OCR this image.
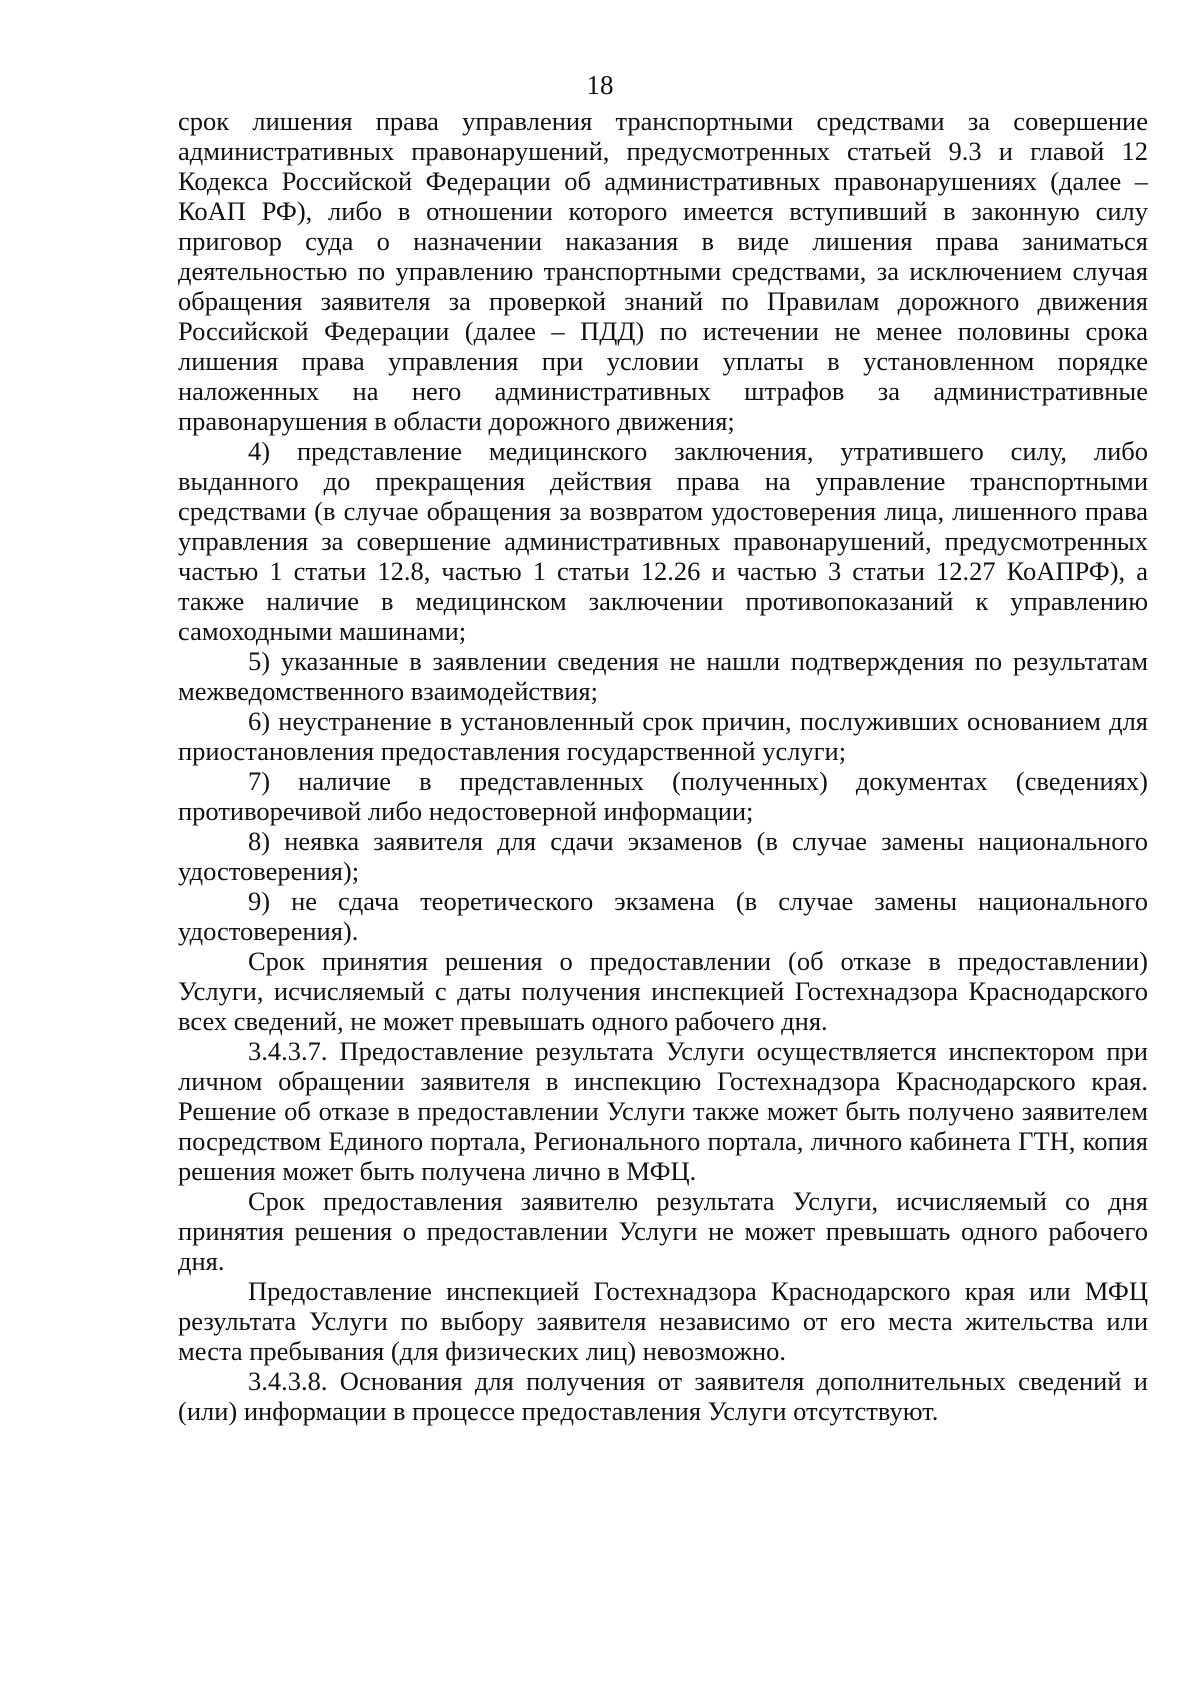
18

срок лишения права управления транспортными средствами за совершение административных правонарушений, предусмотренных статьей 9.3 и главой 12 Кодекса Российской Федерации об административных правонарушениях (далее – КоАП РФ), либо в отношении которого имеется вступивший в законную силу приговор суда о назначении наказания в виде лишения права заниматься деятельностью по управлению транспортными средствами, за исключением случая обращения заявителя за проверкой знаний по Правилам дорожного движения Российской Федерации (далее – ПДД) по истечении не менее половины срока лишения права управления при условии уплаты в установленном порядке наложенных на него административных штрафов за административные правонарушения в области дорожного движения;

4) представление медицинского заключения, утратившего силу, либо выданного до прекращения действия права на управление транспортными средствами (в случае обращения за возвратом удостоверения лица, лишенного права управления за совершение административных правонарушений, предусмотренных частью 1 статьи 12.8, частью 1 статьи 12.26 и частью 3 статьи 12.27 КоАПРФ), а также наличие в медицинском заключении противопоказаний к управлению самоходными машинами;

5) указанные в заявлении сведения не нашли подтверждения по результатам межведомственного взаимодействия;

6) неустранение в установленный срок причин, послуживших основанием для приостановления предоставления государственной услуги;

7) наличие в представленных (полученных) документах (сведениях) противоречивой либо недостоверной информации;

8) неявка заявителя для сдачи экзаменов (в случае замены национального удостоверения);

9) не сдача теоретического экзамена (в случае замены национального удостоверения).

Срок принятия решения о предоставлении (об отказе в предоставлении) Услуги, исчисляемый с даты получения инспекцией Гостехнадзора Краснодарского всех сведений, не может превышать одного рабочего дня.

3.4.3.7. Предоставление результата Услуги осуществляется инспектором при личном обращении заявителя в инспекцию Гостехнадзора Краснодарского края. Решение об отказе в предоставлении Услуги также может быть получено заявителем посредством Единого портала, Регионального портала, личного кабинета ГТН, копия решения может быть получена лично в МФЦ.

Срок предоставления заявителю результата Услуги, исчисляемый со дня принятия решения о предоставлении Услуги не может превышать одного рабочего дня.

Предоставление инспекцией Гостехнадзора Краснодарского края или МФЦ результата Услуги по выбору заявителя независимо от его места жительства или места пребывания (для физических лиц) невозможно.

3.4.3.8. Основания для получения от заявителя дополнительных сведений и (или) информации в процессе предоставления Услуги отсутствуют.
